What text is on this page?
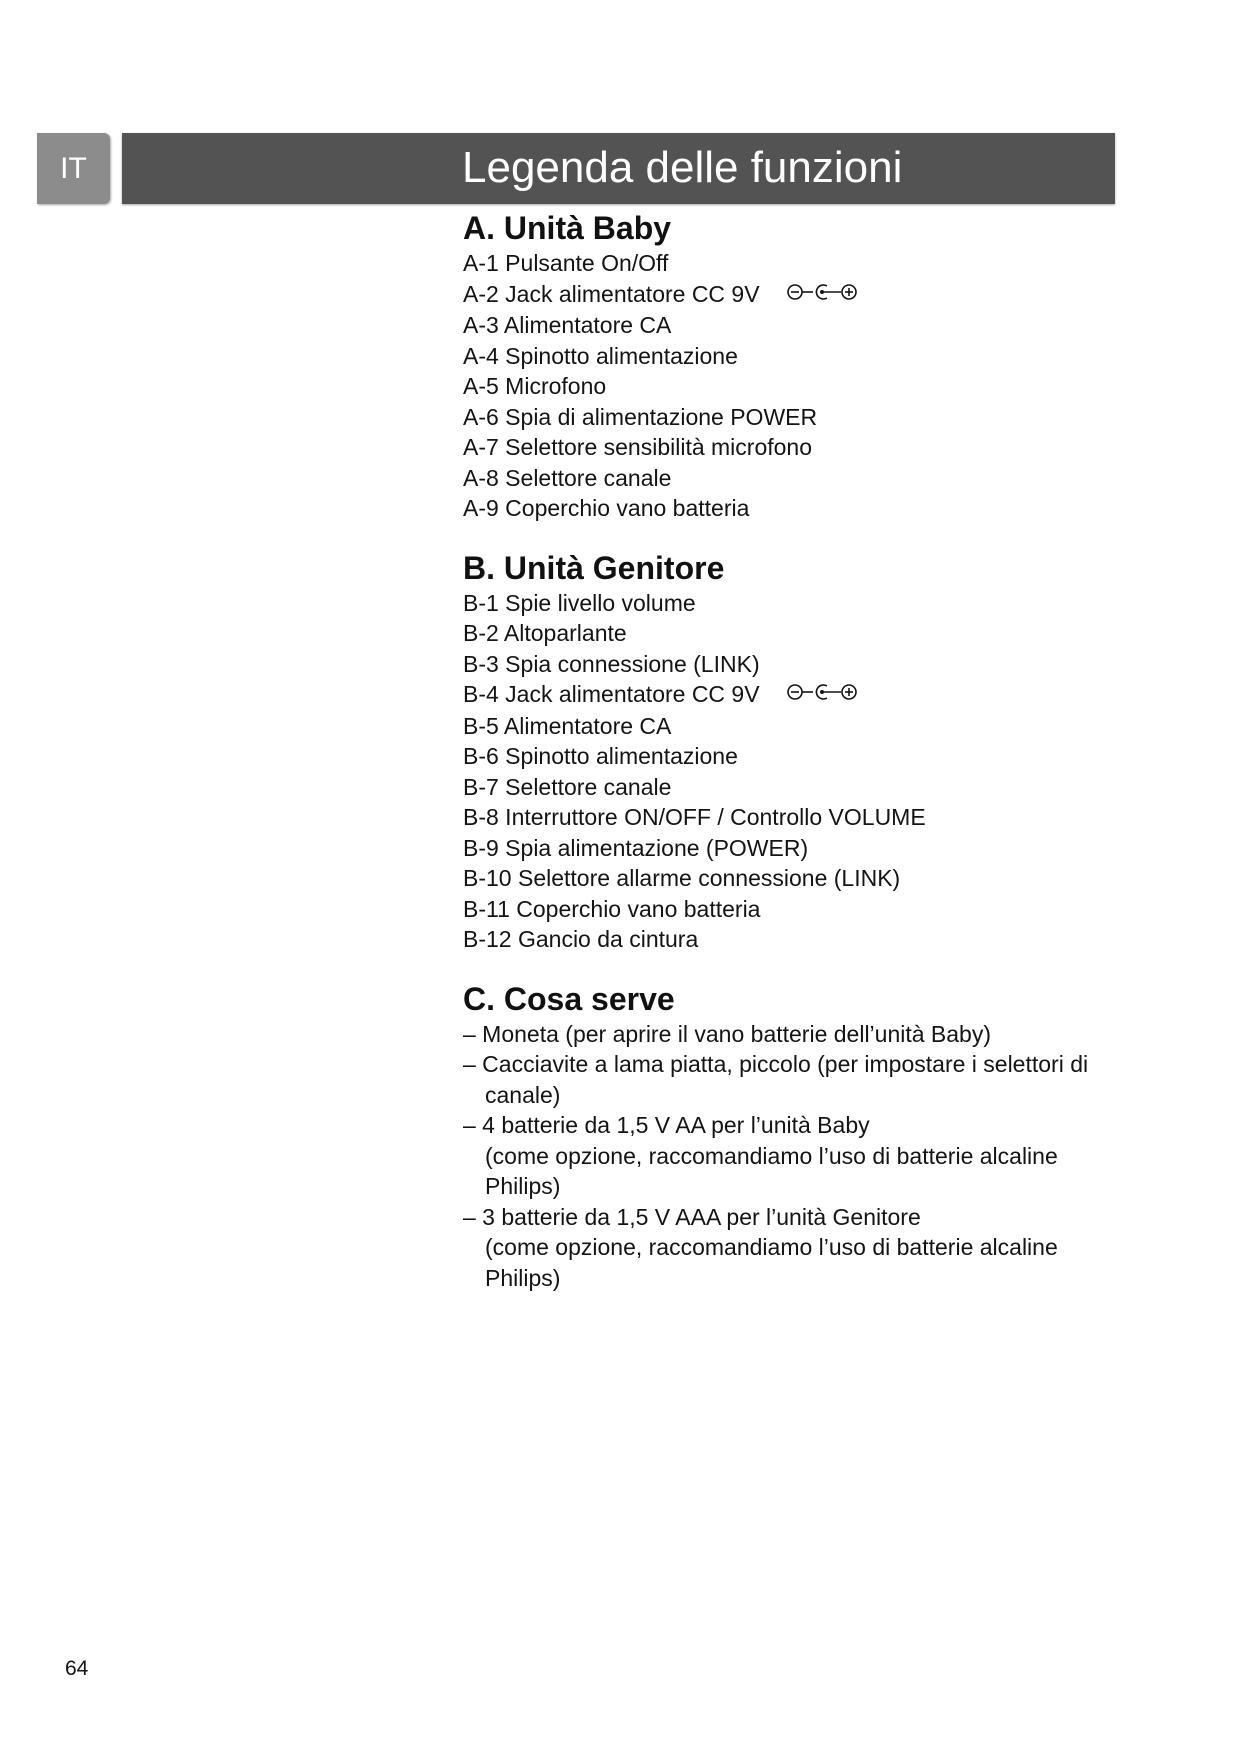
IT	Legenda delle funzioni
A. Unità Baby
A-1 Pulsante On/Off
A-2 Jack alimentatore CC 9V
A-3 Alimentatore CA
A-4 Spinotto alimentazione
A-5 Microfono
A-6 Spia di alimentazione POWER
A-7 Selettore sensibilità microfono
A-8 Selettore canale
A-9 Coperchio vano batteria
B. Unità Genitore
B-1 Spie livello volume
B-2 Altoparlante
B-3 Spia connessione (LINK)
B-4 Jack alimentatore CC 9V
B-5 Alimentatore CA
B-6 Spinotto alimentazione
B-7 Selettore canale
B-8 Interruttore ON/OFF / Controllo VOLUME
B-9 Spia alimentazione (POWER)
B-10 Selettore allarme connessione (LINK)
B-11 Coperchio vano batteria
B-12 Gancio da cintura
C. Cosa serve
– Moneta (per aprire il vano batterie dell’unità Baby)
– Cacciavite a lama piatta, piccolo (per impostare i selettori di canale)
– 4 batterie da 1,5 V AA per l’unità Baby
(come opzione, raccomandiamo l’uso di batterie alcaline Philips)
– 3 batterie da 1,5 V AAA per l’unità Genitore
(come opzione, raccomandiamo l’uso di batterie alcaline Philips)
64
